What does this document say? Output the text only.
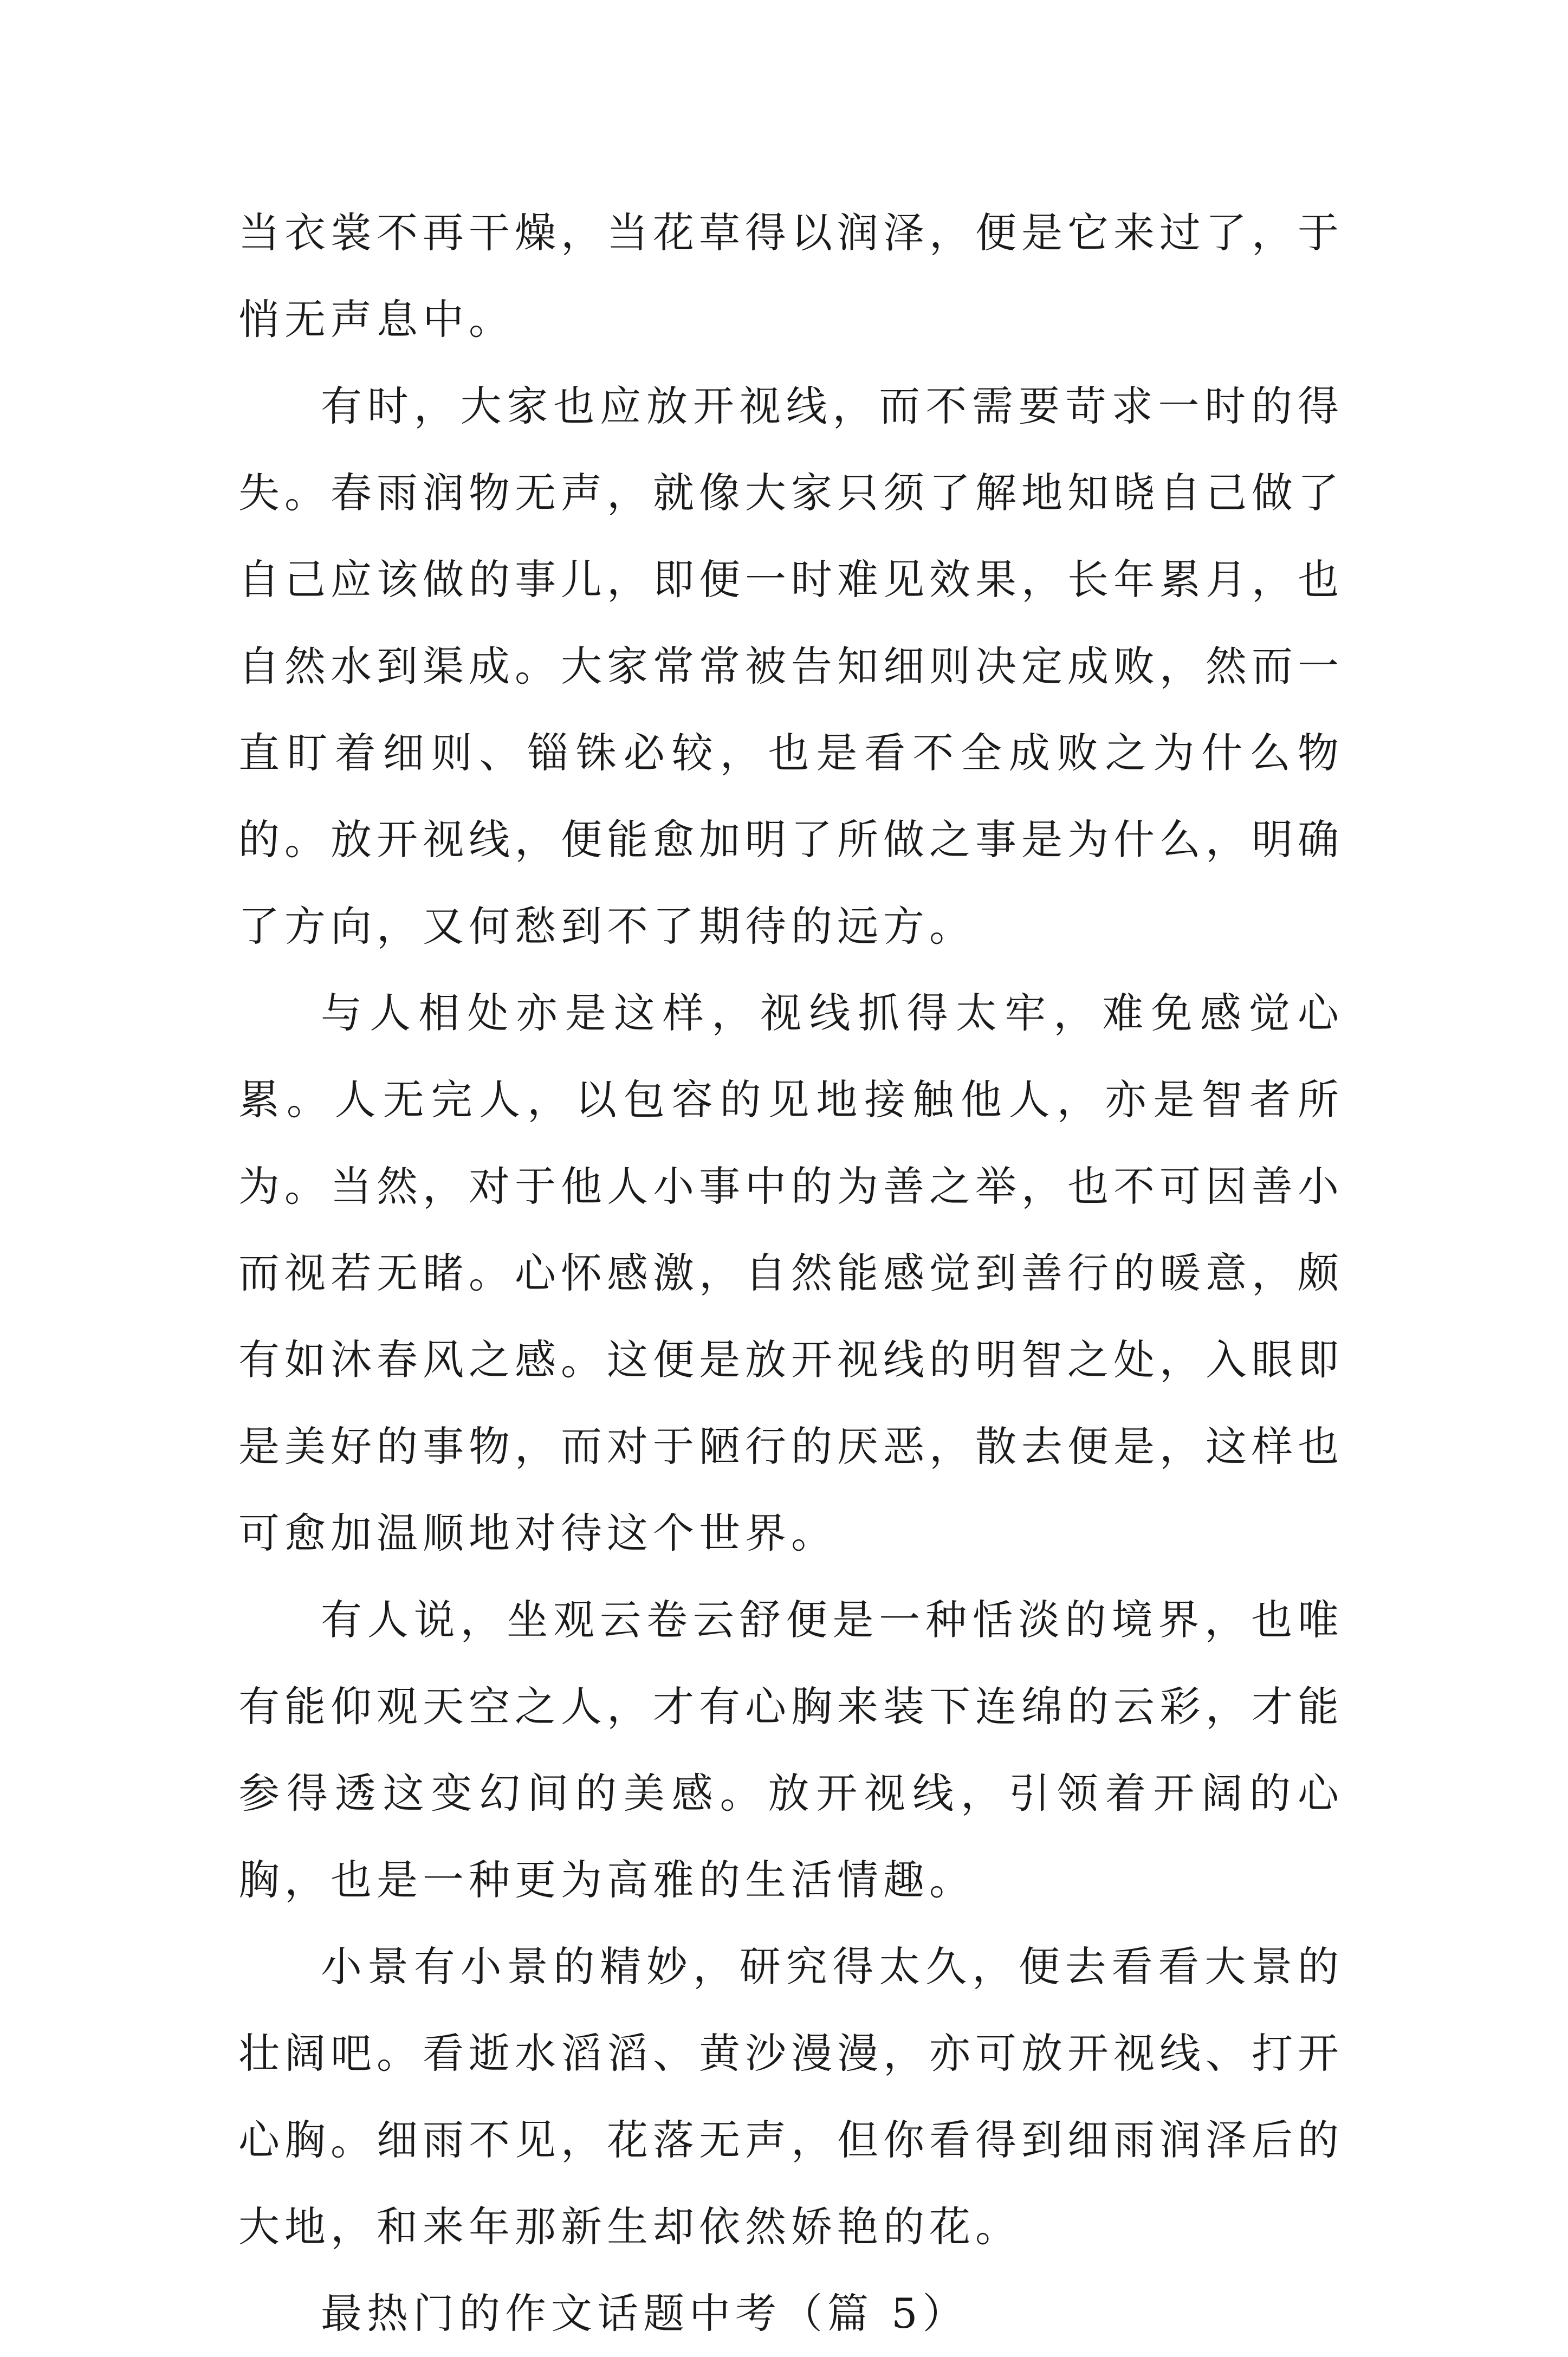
当衣裳不再干燥，当花草得以润泽，便是它来过了，于悄无声息中。

有时，大家也应放开视线，而不需要苛求一时的得失。春雨润物无声，就像大家只须了解地知晓自己做了自己应该做的事儿，即便一时难见效果，长年累月，也自然水到渠成。大家常常被告知细则决定成败，然而一直盯着细则、锱铢必较，也是看不全成败之为什么物的。放开视线，便能愈加明了所做之事是为什么，明确了方向，又何愁到不了期待的远方。

与人相处亦是这样，视线抓得太牢，难免感觉心累。人无完人，以包容的见地接触他人，亦是智者所为。当然，对于他人小事中的为善之举，也不可因善小而视若无睹。心怀感激，自然能感觉到善行的暖意，颇有如沐春风之感。这便是放开视线的明智之处，入眼即是美好的事物，而对于陋行的厌恶，散去便是，这样也可愈加温顺地对待这个世界。

有人说，坐观云卷云舒便是一种恬淡的境界，也唯有能仰观天空之人，才有心胸来装下连绵的云彩，才能参得透这变幻间的美感。放开视线，引领着开阔的心胸，也是一种更为高雅的生活情趣。

小景有小景的精妙，研究得太久，便去看看大景的壮阔吧。看逝水滔滔、黄沙漫漫，亦可放开视线、打开心胸。细雨不见，花落无声，但你看得到细雨润泽后的大地，和来年那新生却依然娇艳的花。

最热门的作文话题中考（篇 5）
